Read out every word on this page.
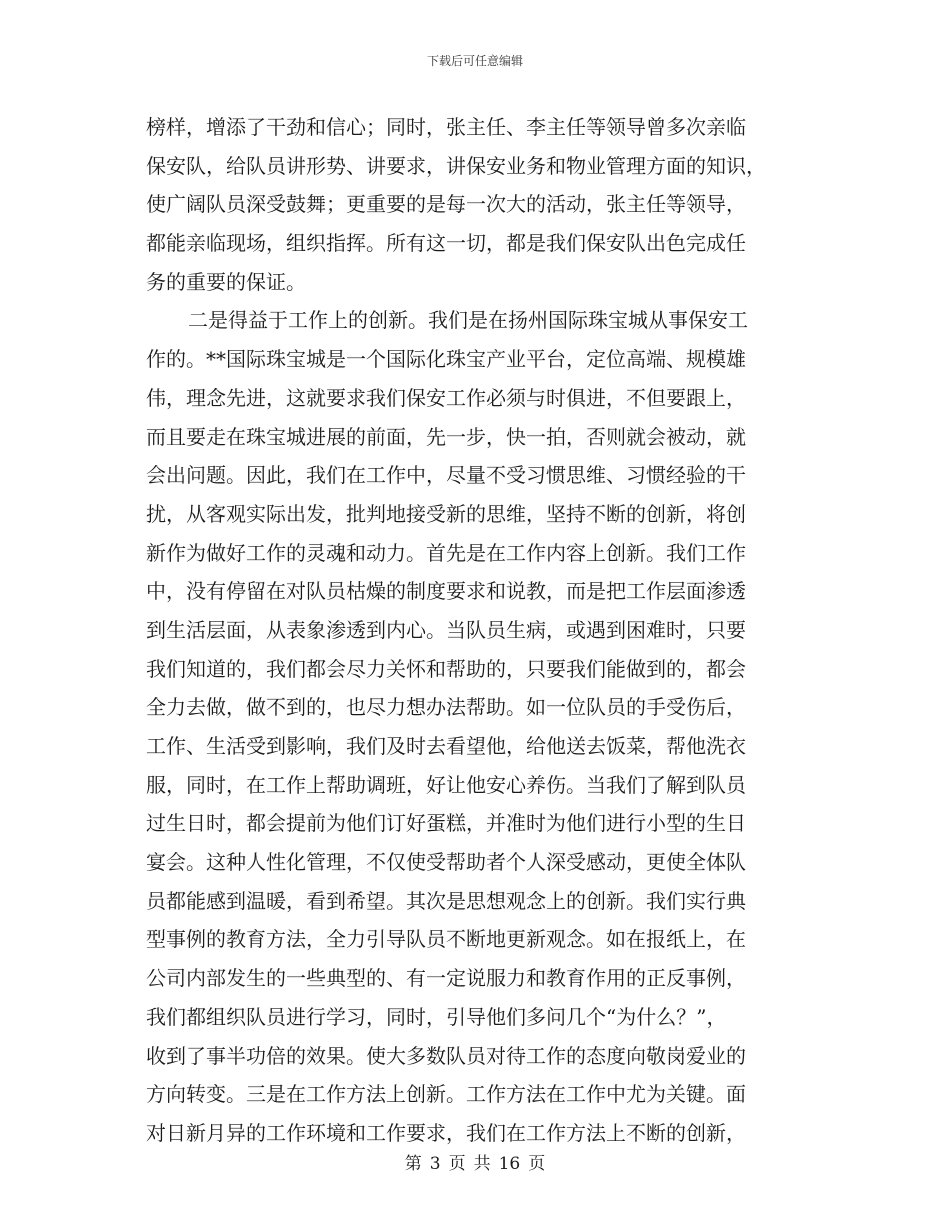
下载后可任意编辑
榜样，增添了干劲和信心；同时，张主任、李主任等领导曾多次亲临
保安队，给队员讲形势、讲要求，讲保安业务和物业管理方面的知识，
使广阔队员深受鼓舞；更重要的是每一次大的活动，张主任等领导，
都能亲临现场，组织指挥。所有这一切，都是我们保安队出色完成任
务的重要的保证。
二是得益于工作上的创新。我们是在扬州国际珠宝城从事保安工
作的。**国际珠宝城是一个国际化珠宝产业平台，定位高端、规模雄
伟，理念先进，这就要求我们保安工作必须与时俱进，不但要跟上，
而且要走在珠宝城进展的前面，先一步，快一拍，否则就会被动，就
会出问题。因此，我们在工作中，尽量不受习惯思维、习惯经验的干
扰，从客观实际出发，批判地接受新的思维，坚持不断的创新，将创
新作为做好工作的灵魂和动力。首先是在工作内容上创新。我们工作
中，没有停留在对队员枯燥的制度要求和说教，而是把工作层面渗透
到生活层面，从表象渗透到内心。当队员生病，或遇到困难时，只要
我们知道的，我们都会尽力关怀和帮助的，只要我们能做到的，都会
全力去做，做不到的，也尽力想办法帮助。如一位队员的手受伤后，
工作、生活受到影响，我们及时去看望他，给他送去饭菜，帮他洗衣
服，同时，在工作上帮助调班，好让他安心养伤。当我们了解到队员
过生日时，都会提前为他们订好蛋糕，并准时为他们进行小型的生日
宴会。这种人性化管理，不仅使受帮助者个人深受感动，更使全体队
员都能感到温暖，看到希望。其次是思想观念上的创新。我们实行典
型事例的教育方法，全力引导队员不断地更新观念。如在报纸上，在
公司内部发生的一些典型的、有一定说服力和教育作用的正反事例，
我们都组织队员进行学习，同时，引导他们多问几个“为什么？”，
收到了事半功倍的效果。使大多数队员对待工作的态度向敬岗爱业的
方向转变。三是在工作方法上创新。工作方法在工作中尤为关键。面
对日新月异的工作环境和工作要求，我们在工作方法上不断的创新，
第 3 页 共 16 页
